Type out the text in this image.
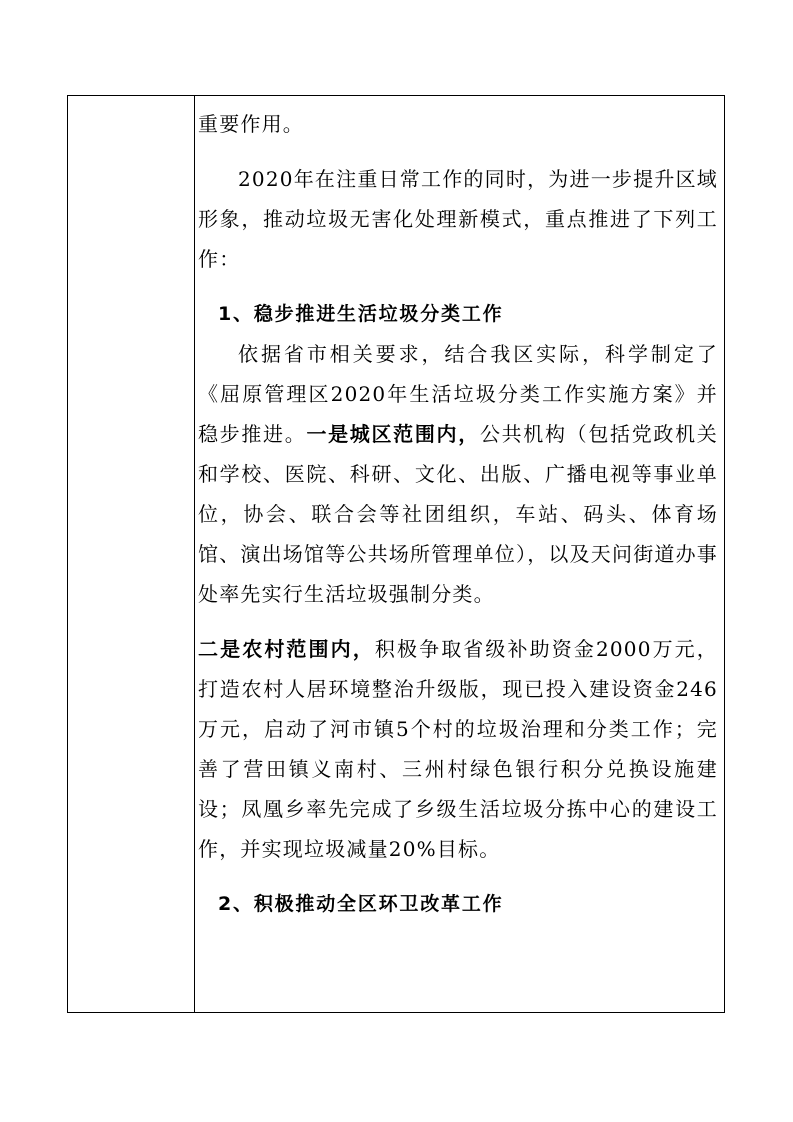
重要作用。

2020年在注重日常工作的同时，为进一步提升区域形象，推动垃圾无害化处理新模式，重点推进了下列工作：

1、稳步推进生活垃圾分类工作

依据省市相关要求，结合我区实际，科学制定了《屈原管理区2020年生活垃圾分类工作实施方案》并稳步推进。一是城区范围内，公共机构（包括党政机关和学校、医院、科研、文化、出版、广播电视等事业单位，协会、联合会等社团组织，车站、码头、体育场馆、演出场馆等公共场所管理单位），以及天问街道办事处率先实行生活垃圾强制分类。

二是农村范围内，积极争取省级补助资金2000万元，打造农村人居环境整治升级版，现已投入建设资金246万元，启动了河市镇5个村的垃圾治理和分类工作；完善了营田镇义南村、三州村绿色银行积分兑换设施建设；凤凰乡率先完成了乡级生活垃圾分拣中心的建设工作，并实现垃圾减量20%目标。

2、积极推动全区环卫改革工作
